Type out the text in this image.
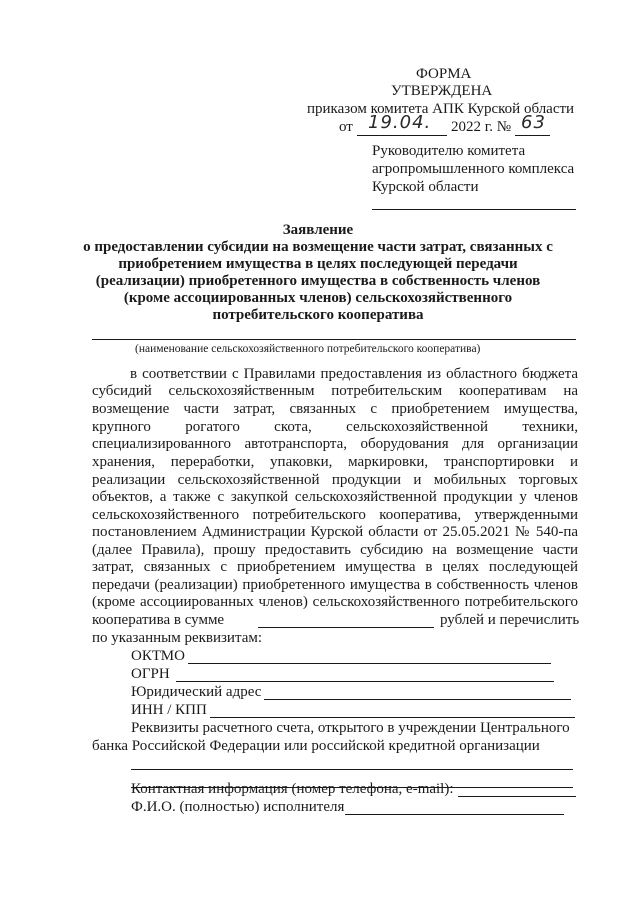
ФОРМА
УТВЕРЖДЕНА
приказом комитета АПК Курской области
от 19.04. 2022 г. № 63
Руководителю комитета
агропромышленного комплекса
Курской области
Заявление
о предоставлении субсидии на возмещение части затрат, связанных с
приобретением имущества в целях последующей передачи
(реализации) приобретенного имущества в собственность членов
(кроме ассоциированных членов) сельскохозяйственного
потребительского кооператива
(наименование сельскохозяйственного потребительского кооператива)
в соответствии с Правилами предоставления из областного бюджета
субсидий сельскохозяйственным потребительским кооперативам на
возмещение части затрат, связанных с приобретением имущества,
крупного рогатого скота, сельскохозяйственной техники,
специализированного автотранспорта, оборудования для организации
хранения, переработки, упаковки, маркировки, транспортировки и
реализации сельскохозяйственной продукции и мобильных торговых
объектов, а также с закупкой сельскохозяйственной продукции у членов
сельскохозяйственного потребительского кооператива, утвержденными
постановлением Администрации Курской области от 25.05.2021 № 540-па
(далее Правила), прошу предоставить субсидию на возмещение части
затрат, связанных с приобретением имущества в целях последующей
передачи (реализации) приобретенного имущества в собственность членов
(кроме ассоциированных членов) сельскохозяйственного потребительского
кооператива в сумме	рублей и перечислить
по указанным реквизитам:
ОКТМО
ОГРН
Юридический адрес
ИНН / КПП
Реквизиты расчетного счета, открытого в учреждении Центрального
банка Российской Федерации или российской кредитной организации
Контактная информация (номер телефона, e-mail):
Ф.И.О. (полностью) исполнителя
